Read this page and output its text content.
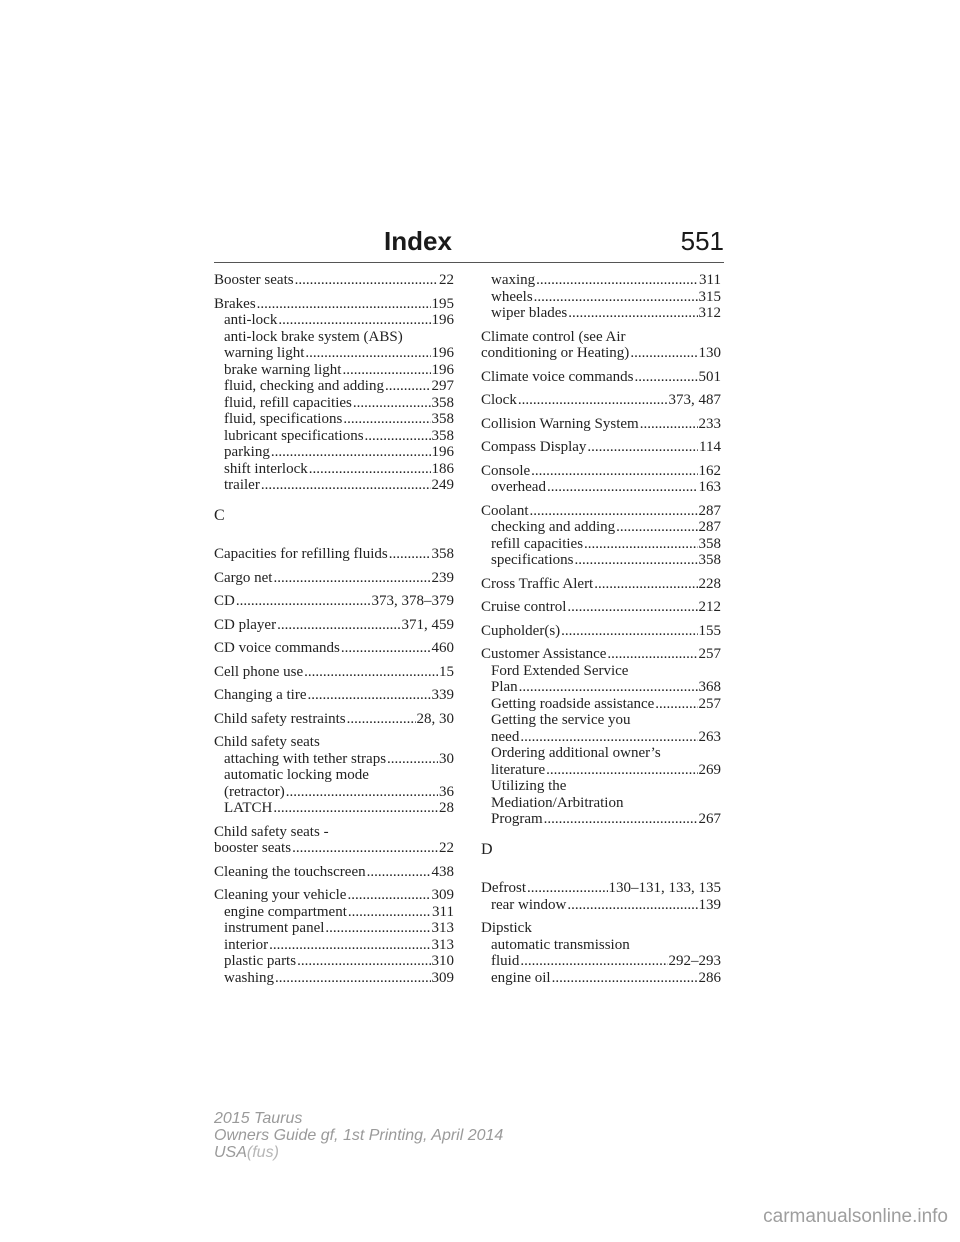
Index	551
Booster seats .....	22
Brakes .....	195
anti-lock .....	196
anti-lock brake system (ABS)
warning light .....	196
brake warning light .....	196
fluid, checking and adding .....	297
fluid, refill capacities .....	358
fluid, specifications .....	358
lubricant specifications .....	358
parking .....	196
shift interlock .....	186
trailer .....	249
C
Capacities for refilling fluids .....	358
Cargo net .....	239
CD .....	373, 378–379
CD player .....	371, 459
CD voice commands .....	460
Cell phone use .....	15
Changing a tire .....	339
Child safety restraints .....	28, 30
Child safety seats
attaching with tether straps .....	30
automatic locking mode
(retractor) .....	36
LATCH .....	28
Child safety seats -
booster seats .....	22
Cleaning the touchscreen .....	438
Cleaning your vehicle .....	309
engine compartment .....	311
instrument panel .....	313
interior .....	313
plastic parts .....	310
washing .....	309
waxing .....	311
wheels .....	315
wiper blades .....	312
Climate control (see Air
conditioning or Heating) .....	130
Climate voice commands .....	501
Clock .....	373, 487
Collision Warning System .....	233
Compass Display .....	114
Console .....	162
overhead .....	163
Coolant .....	287
checking and adding .....	287
refill capacities .....	358
specifications .....	358
Cross Traffic Alert .....	228
Cruise control .....	212
Cupholder(s) .....	155
Customer Assistance .....	257
Ford Extended Service
Plan .....	368
Getting roadside assistance .....	257
Getting the service you
need .....	263
Ordering additional owner’s
literature .....	269
Utilizing the
Mediation/Arbitration
Program .....	267
D
Defrost .....	130–131, 133, 135
rear window .....	139
Dipstick
automatic transmission
fluid .....	292–293
engine oil .....	286
2015 Taurus
Owners Guide gf, 1st Printing, April 2014
USA(fus)
carmanualsonline.info
